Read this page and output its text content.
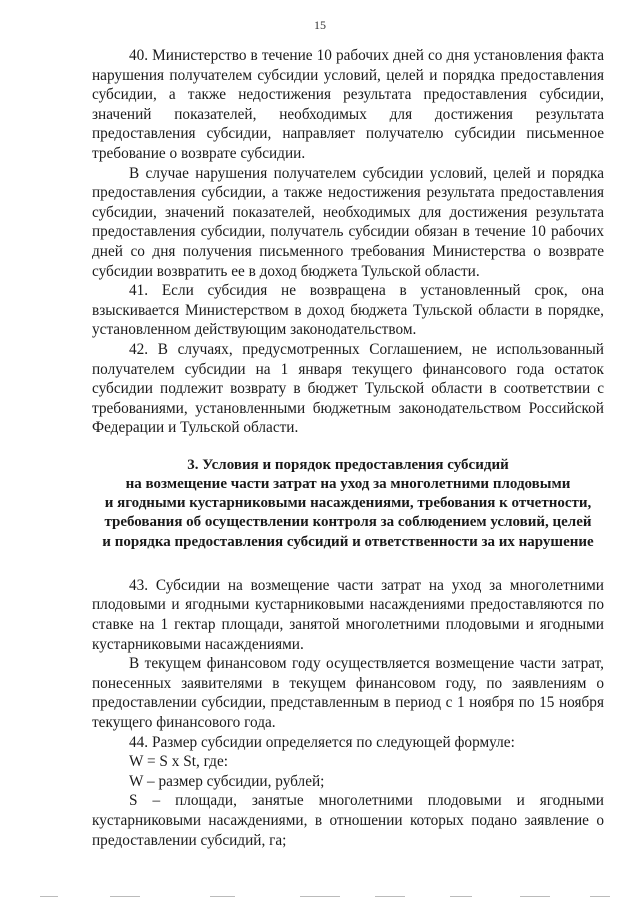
15

40. Министерство в течение 10 рабочих дней со дня установления факта нарушения получателем субсидии условий, целей и порядка предоставления субсидии, а также недостижения результата предоставления субсидии, значений показателей, необходимых для достижения результата предоставления субсидии, направляет получателю субсидии письменное требование о возврате субсидии.

В случае нарушения получателем субсидии условий, целей и порядка предоставления субсидии, а также недостижения результата предоставления субсидии, значений показателей, необходимых для достижения результата предоставления субсидии, получатель субсидии обязан в течение 10 рабочих дней со дня получения письменного требования Министерства о возврате субсидии возвратить ее в доход бюджета Тульской области.

41. Если субсидия не возвращена в установленный срок, она взыскивается Министерством в доход бюджета Тульской области в порядке, установленном действующим законодательством.

42. В случаях, предусмотренных Соглашением, не использованный получателем субсидии на 1 января текущего финансового года остаток субсидии подлежит возврату в бюджет Тульской области в соответствии с требованиями, установленными бюджетным законодательством Российской Федерации и Тульской области.

3. Условия и порядок предоставления субсидий
на возмещение части затрат на уход за многолетними плодовыми
и ягодными кустарниковыми насаждениями, требования к отчетности,
требования об осуществлении контроля за соблюдением условий, целей
и порядка предоставления субсидий и ответственности за их нарушение

43. Субсидии на возмещение части затрат на уход за многолетними плодовыми и ягодными кустарниковыми насаждениями предоставляются по ставке на 1 гектар площади, занятой многолетними плодовыми и ягодными кустарниковыми насаждениями.

В текущем финансовом году осуществляется возмещение части затрат, понесенных заявителями в текущем финансовом году, по заявлениям о предоставлении субсидии, представленным в период с 1 ноября по 15 ноября текущего финансового года.

44. Размер субсидии определяется по следующей формуле:

W = S x St, где:

W – размер субсидии, рублей;

S – площади, занятые многолетними плодовыми и ягодными кустарниковыми насаждениями, в отношении которых подано заявление о предоставлении субсидий, га;
